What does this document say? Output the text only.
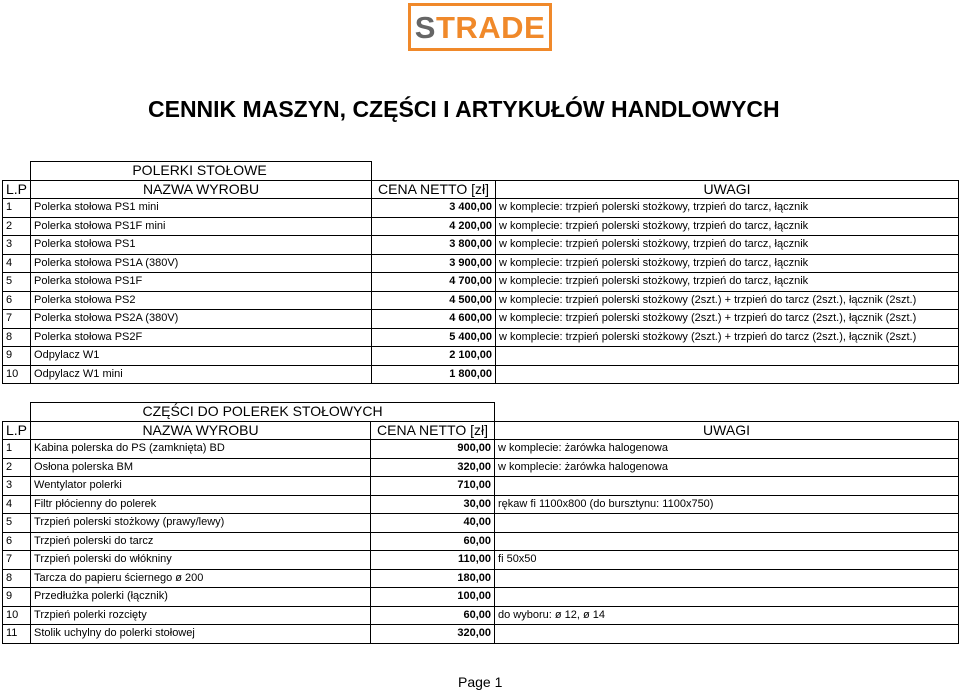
STRADE
CENNIK MASZYN, CZĘŚCI I ARTYKUŁÓW HANDLOWYCH
	POLERKI STOŁOWE		
L.P	NAZWA WYROBU	CENA NETTO [zł]	UWAGI
1	Polerka stołowa PS1 mini	3 400,00	w komplecie: trzpień polerski stożkowy, trzpień do tarcz, łącznik
2	Polerka stołowa PS1F mini	4 200,00	w komplecie: trzpień polerski stożkowy, trzpień do tarcz, łącznik
3	Polerka stołowa PS1	3 800,00	w komplecie: trzpień polerski stożkowy, trzpień do tarcz, łącznik
4	Polerka stołowa PS1A (380V)	3 900,00	w komplecie: trzpień polerski stożkowy, trzpień do tarcz, łącznik
5	Polerka stołowa PS1F	4 700,00	w komplecie: trzpień polerski stożkowy, trzpień do tarcz, łącznik
6	Polerka stołowa PS2	4 500,00	w komplecie: trzpień polerski stożkowy (2szt.) + trzpień do tarcz (2szt.), łącznik (2szt.)
7	Polerka stołowa PS2A (380V)	4 600,00	w komplecie: trzpień polerski stożkowy (2szt.) + trzpień do tarcz (2szt.), łącznik (2szt.)
8	Polerka stołowa PS2F	5 400,00	w komplecie: trzpień polerski stożkowy (2szt.) + trzpień do tarcz (2szt.), łącznik (2szt.)
9	Odpylacz W1	2 100,00	
10	Odpylacz W1 mini	1 800,00	
	CZĘŚCI DO POLEREK STOŁOWYCH		
L.P	NAZWA WYROBU	CENA NETTO [zł]	UWAGI
1	Kabina polerska do PS (zamknięta) BD	900,00	w komplecie: żarówka halogenowa
2	Osłona polerska BM	320,00	w komplecie: żarówka halogenowa
3	Wentylator polerki	710,00	
4	Filtr płócienny do polerek	30,00	rękaw fi 1100x800 (do bursztynu: 1100x750)
5	Trzpień polerski stożkowy (prawy/lewy)	40,00	
6	Trzpień polerski do tarcz	60,00	
7	Trzpień polerski do włókniny	110,00	fi 50x50
8	Tarcza do papieru ściernego ø 200	180,00	
9	Przedłużka polerki (łącznik)	100,00	
10	Trzpień polerki rozcięty	60,00	do wyboru: ø 12, ø 14
11	Stolik uchylny do polerki stołowej	320,00	
Page 1
